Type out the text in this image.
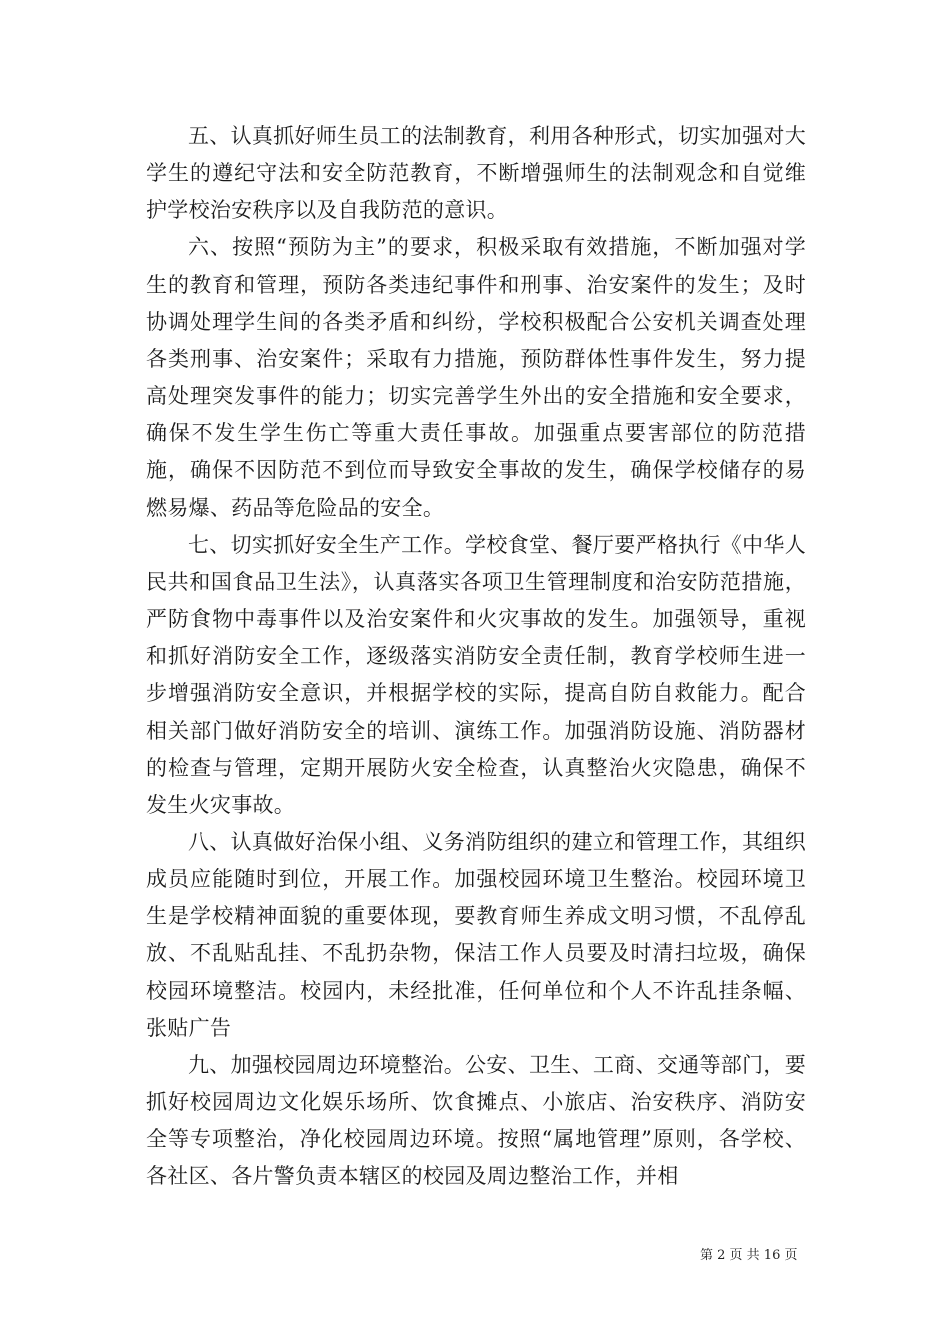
五、认真抓好师生员工的法制教育，利用各种形式，切实加强对大学生的遵纪守法和安全防范教育，不断增强师生的法制观念和自觉维护学校治安秩序以及自我防范的意识。

六、按照“预防为主”的要求，积极采取有效措施，不断加强对学生的教育和管理，预防各类违纪事件和刑事、治安案件的发生；及时协调处理学生间的各类矛盾和纠纷，学校积极配合公安机关调查处理各类刑事、治安案件；采取有力措施，预防群体性事件发生，努力提高处理突发事件的能力；切实完善学生外出的安全措施和安全要求，确保不发生学生伤亡等重大责任事故。加强重点要害部位的防范措施，确保不因防范不到位而导致安全事故的发生，确保学校储存的易燃易爆、药品等危险品的安全。

七、切实抓好安全生产工作。学校食堂、餐厅要严格执行《中华人民共和国食品卫生法》，认真落实各项卫生管理制度和治安防范措施，严防食物中毒事件以及治安案件和火灾事故的发生。加强领导，重视和抓好消防安全工作，逐级落实消防安全责任制，教育学校师生进一步增强消防安全意识，并根据学校的实际，提高自防自救能力。配合相关部门做好消防安全的培训、演练工作。加强消防设施、消防器材的检查与管理，定期开展防火安全检查，认真整治火灾隐患，确保不发生火灾事故。

八、认真做好治保小组、义务消防组织的建立和管理工作，其组织成员应能随时到位，开展工作。加强校园环境卫生整治。校园环境卫生是学校精神面貌的重要体现，要教育师生养成文明习惯，不乱停乱放、不乱贴乱挂、不乱扔杂物，保洁工作人员要及时清扫垃圾，确保校园环境整洁。校园内，未经批准，任何单位和个人不许乱挂条幅、张贴广告

九、加强校园周边环境整治。公安、卫生、工商、交通等部门，要抓好校园周边文化娱乐场所、饮食摊点、小旅店、治安秩序、消防安全等专项整治，净化校园周边环境。按照“属地管理”原则，各学校、各社区、各片警负责本辖区的校园及周边整治工作，并相

第 2 页 共 16 页
